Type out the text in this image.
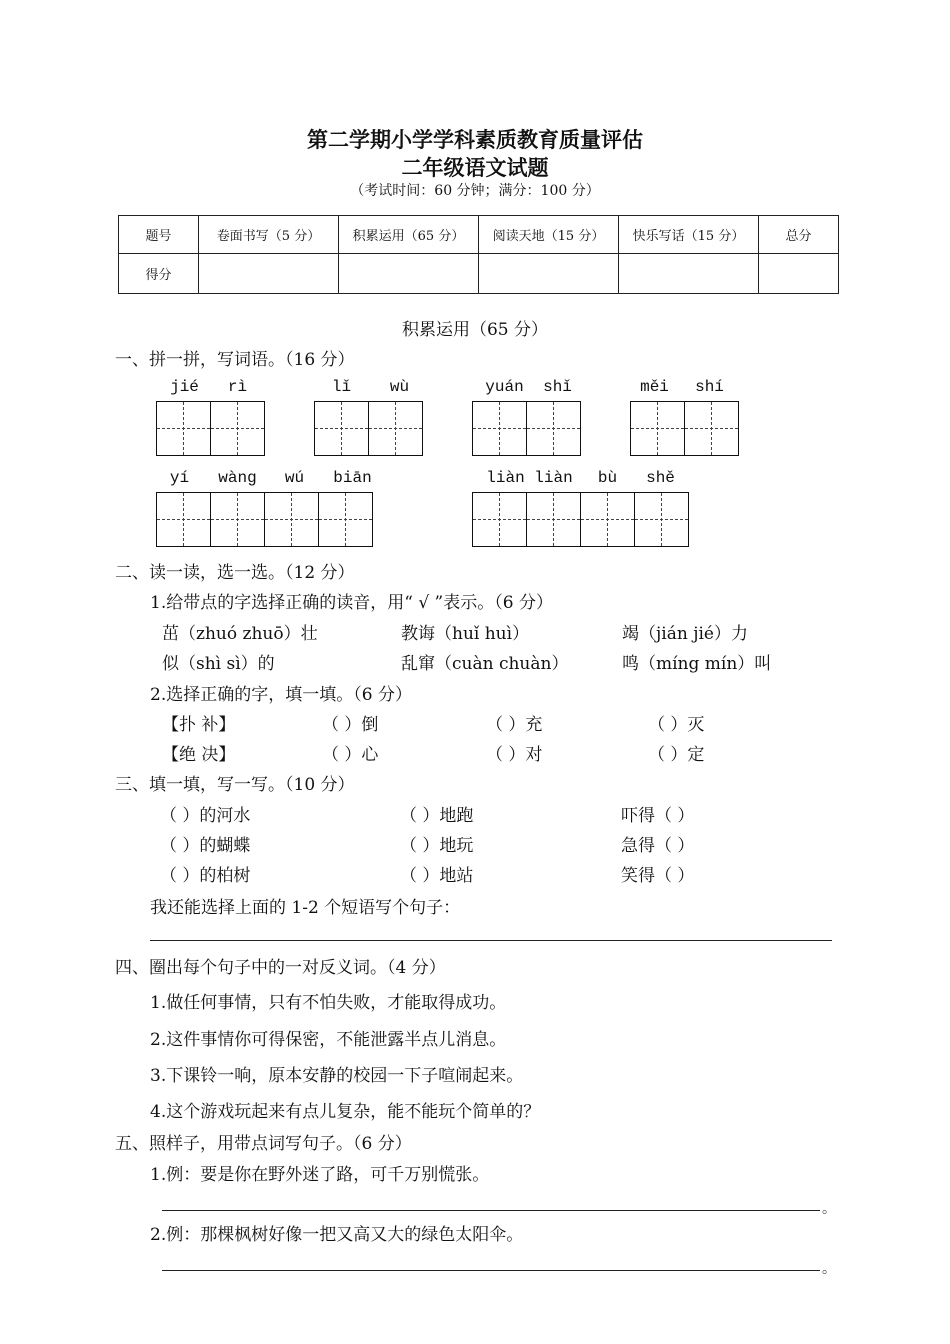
第二学期小学学科素质教育质量评估
二年级语文试题
（考试时间：60 分钟；满分：100 分）
题号	卷面书写（5 分）	积累运用（65 分）	阅读天地（15 分）	快乐写话（15 分）	总分
得分					
积累运用（65 分）
一、拼一拼，写词语。（16 分）
jié	rì	lǐ	wù	yuán	shǐ	měi	shí
yí	wàng	wú	biān	liàn liàn	bù	shě
二、读一读，选一选。（12 分）
1.给带点的字选择正确的读音，用“ √ ”表示。（6 分）
茁（zhuó zhuō）壮	教诲（huǐ huì）	竭（jián jié）力
似（shì sì）的	乱窜（cuàn chuàn）	鸣（míng mín）叫
2.选择正确的字，填一填。（6 分）
【扑 补】	（ ）倒	（ ）充	（ ）灭
【绝 决】	（ ）心	（ ）对	（ ）定
三、填一填，写一写。（10 分）
（ ）的河水	（ ）地跑	吓得（ ）
（ ）的蝴蝶	（ ）地玩	急得（ ）
（ ）的柏树	（ ）地站	笑得（ ）
我还能选择上面的 1-2 个短语写个句子：
四、圈出每个句子中的一对反义词。（4 分）
1.做任何事情，只有不怕失败，才能取得成功。
2.这件事情你可得保密，不能泄露半点儿消息。
3.下课铃一响，原本安静的校园一下子喧闹起来。
4.这个游戏玩起来有点儿复杂，能不能玩个简单的？
五、照样子，用带点词写句子。（6 分）
1.例：要是你在野外迷了路，可千万别慌张。
。
2.例：那棵枫树好像一把又高又大的绿色太阳伞。
。
